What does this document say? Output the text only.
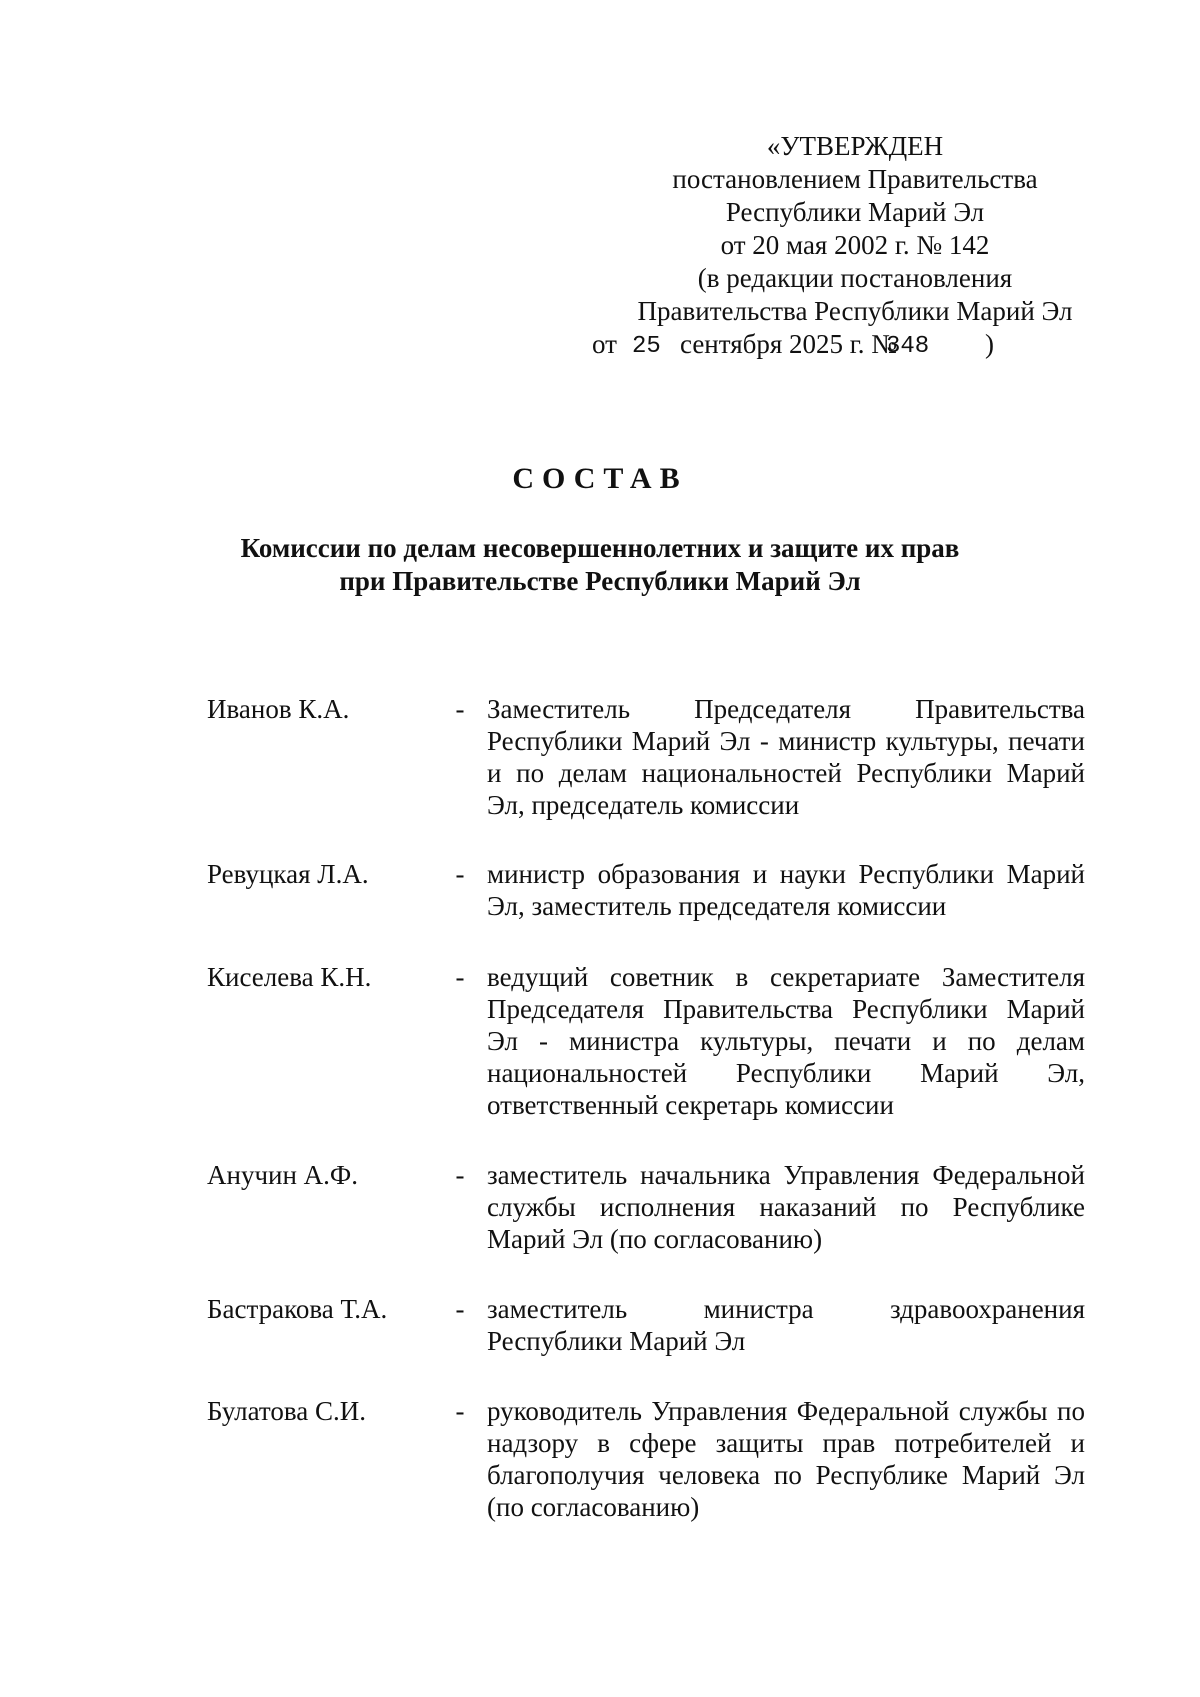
«УТВЕРЖДЕН
постановлением Правительства
Республики Марий Эл
от 20 мая 2002 г. № 142
(в редакции постановления
Правительства Республики Марий Эл
от 25 сентября 2025 г. №
348 )
СОСТАВ
Комиссии по делам несовершеннолетних и защите их прав
при Правительстве Республики Марий Эл
Иванов К.А.	- Заместитель Председателя Правительства Республики Марий Эл - министр культуры, печати и по делам национальностей Республики Марий Эл, председатель комиссии
Ревуцкая Л.А.	- министр образования и науки Республики Марий Эл, заместитель председателя комиссии
Киселева К.Н.	- ведущий советник в секретариате Заместителя Председателя Правительства Республики Марий Эл - министра культуры, печати и по делам национальностей Республики Марий Эл, ответственный секретарь комиссии
Анучин А.Ф.	- заместитель начальника Управления Федеральной службы исполнения наказаний по Республике Марий Эл (по согласованию)
Бастракова Т.А.	- заместитель министра здравоохранения Республики Марий Эл
Булатова С.И.	- руководитель Управления Федеральной службы по надзору в сфере защиты прав потребителей и благополучия человека по Республике Марий Эл (по согласованию)
